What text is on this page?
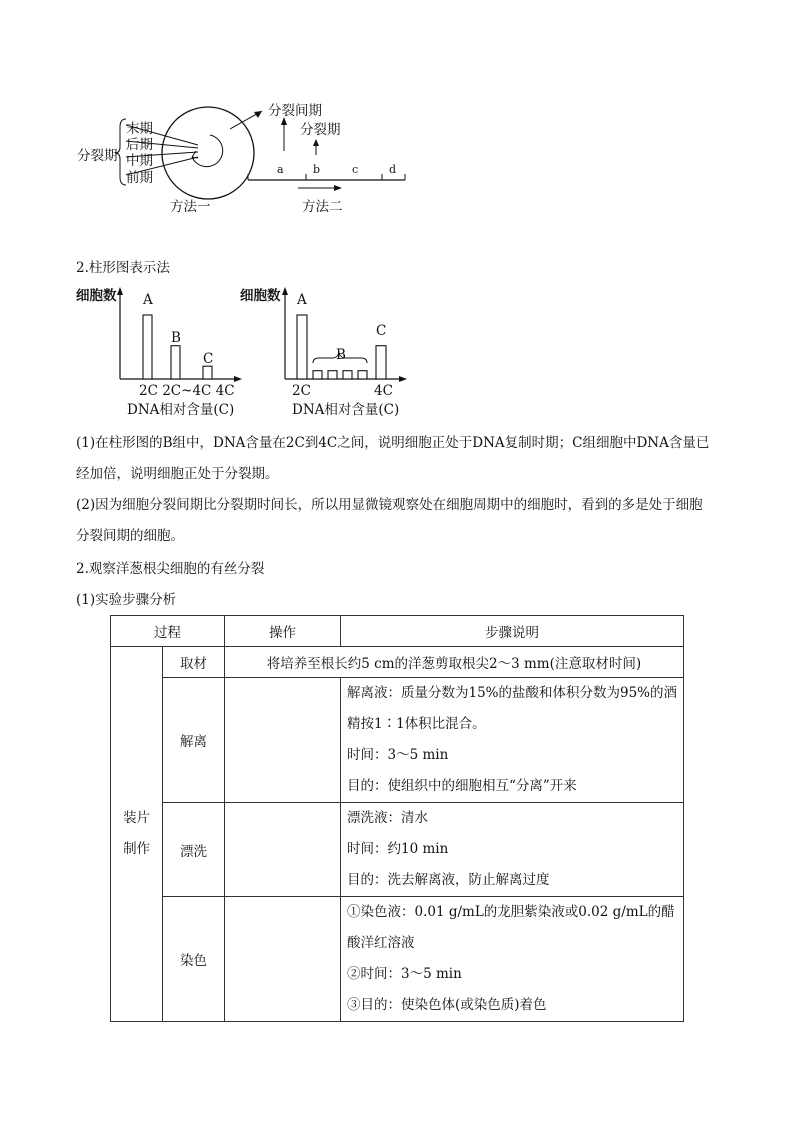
末期
后期
中期
前期
分裂期
方法一
分裂间期
分裂期
a	b	c	d
方法二
2.柱形图表示法
细胞数 A
B
C
2C 2C~4C 4C
DNA相对含量(C)
细胞数 A
B
C
2C	4C
DNA相对含量(C)
(1)在柱形图的B组中，DNA含量在2C到4C之间，说明细胞正处于DNA复制时期；C组细胞中DNA含量已
经加倍，说明细胞正处于分裂期。
(2)因为细胞分裂间期比分裂期时间长，所以用显微镜观察处在细胞周期中的细胞时，看到的多是处于细胞
分裂间期的细胞。
2.观察洋葱根尖细胞的有丝分裂
(1)实验步骤分析
过程		操作	步骤说明

装片
制作	取材	将培养至根长约5 cm的洋葱剪取根尖2～3 mm(注意取材时间)	
	解离		解离液：质量分数为15%的盐酸和体积分数为95%的酒
精按1∶1体积比混合。
时间：3～5 min
目的：使组织中的细胞相互“分离”开来

	漂洗		漂洗液：清水
时间：约10 min
目的：洗去解离液，防止解离过度

	染色		①染色液：0.01 g/mL的龙胆紫染液或0.02 g/mL的醋
酸洋红溶液
②时间：3～5 min
③目的：使染色体(或染色质)着色
